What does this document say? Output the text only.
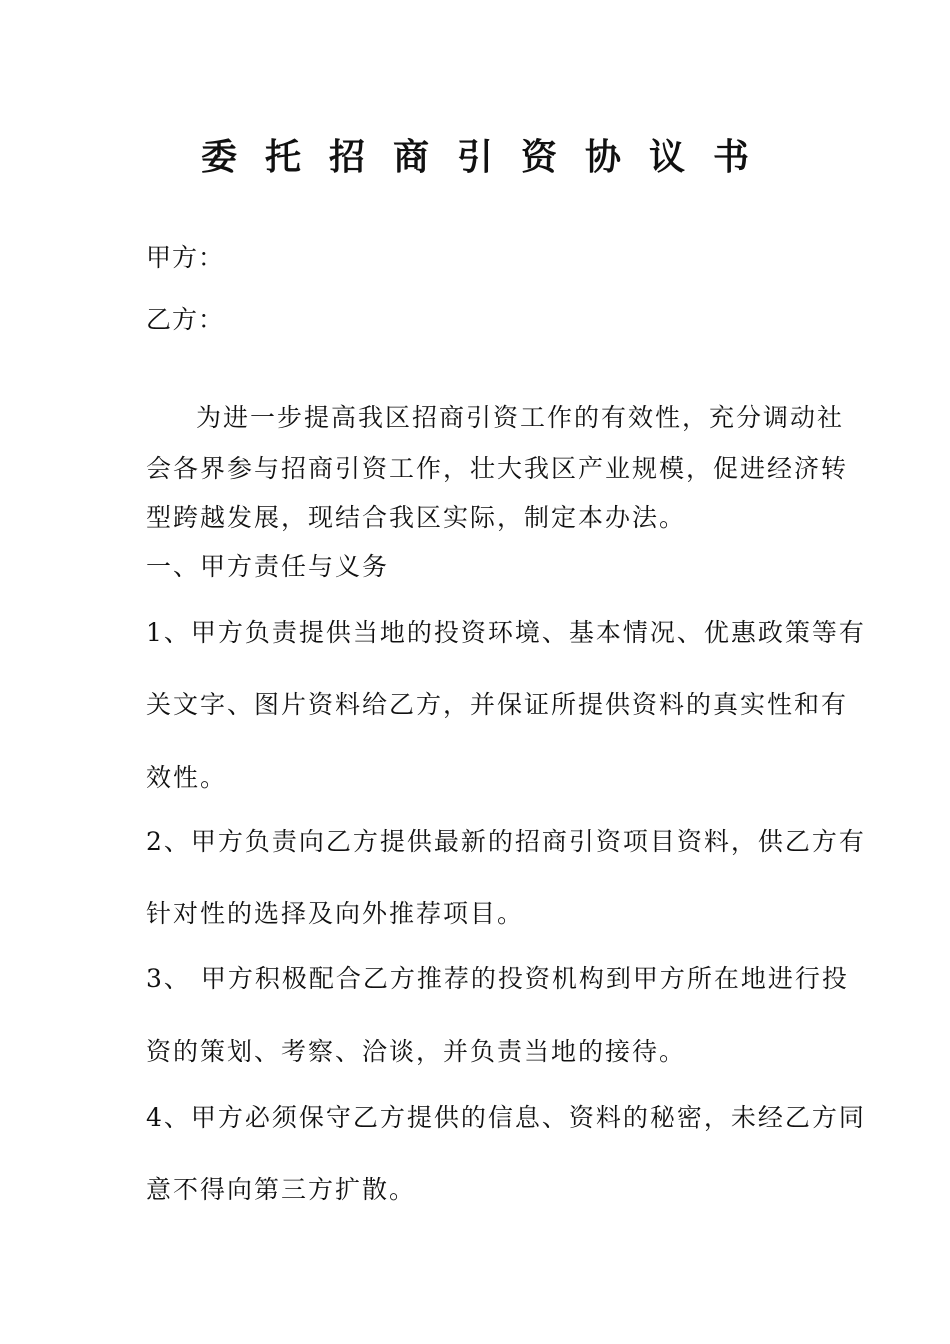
委托招商引资协议书
甲方：
乙方：
为进一步提高我区招商引资工作的有效性，充分调动社
会各界参与招商引资工作，壮大我区产业规模，促进经济转
型跨越发展，现结合我区实际，制定本办法。
一、甲方责任与义务
1、甲方负责提供当地的投资环境、基本情况、优惠政策等有
关文字、图片资料给乙方，并保证所提供资料的真实性和有
效性。
2、甲方负责向乙方提供最新的招商引资项目资料，供乙方有
针对性的选择及向外推荐项目。
3、 甲方积极配合乙方推荐的投资机构到甲方所在地进行投
资的策划、考察、洽谈，并负责当地的接待。
4、甲方必须保守乙方提供的信息、资料的秘密，未经乙方同
意不得向第三方扩散。
